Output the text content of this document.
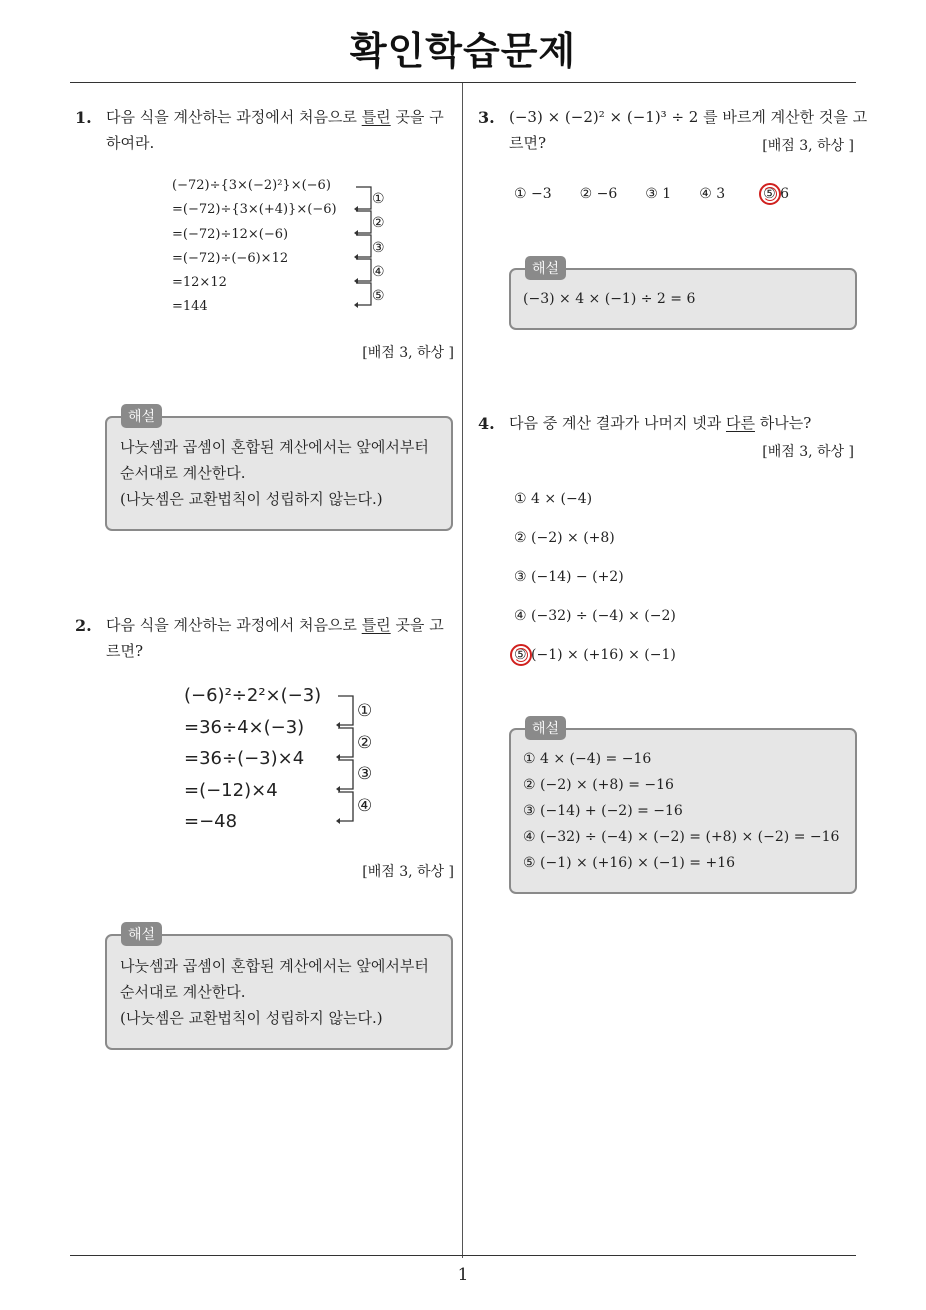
확인학습문제
1. 다음 식을 계산하는 과정에서 처음으로 틀린 곳을 구
하여라.
(−72)÷{3×(−2)²}×(−6)
=(−72)÷{3×(+4)}×(−6)
=(−72)÷12×(−6)
=(−72)÷(−6)×12
=12×12
=144
①
②
③
④
⑤
[배점 3, 하상 ]
해설
나눗셈과 곱셈이 혼합된 계산에서는 앞에서부터
순서대로 계산한다.
(나눗셈은 교환법칙이 성립하지 않는다.)
2. 다음 식을 계산하는 과정에서 처음으로 틀린 곳을 고
르면?
(−6)²÷2²×(−3)
=36÷4×(−3)
=36÷(−3)×4
=(−12)×4
=−48
①
②
③
④
[배점 3, 하상 ]
해설
나눗셈과 곱셈이 혼합된 계산에서는 앞에서부터
순서대로 계산한다.
(나눗셈은 교환법칙이 성립하지 않는다.)
3. (−3) × (−2)² × (−1)³ ÷ 2 를 바르게 계산한 것을 고
르면?	[배점 3, 하상 ]
① −3 ② −6 ③ 1 ④ 3	⑤ 6
해설
(−3) × 4 × (−1) ÷ 2 = 6
4. 다음 중 계산 결과가 나머지 넷과 다른 하나는?
[배점 3, 하상 ]
① 4 × (−4)
② (−2) × (+8)
③ (−14) − (+2)
④ (−32) ÷ (−4) × (−2)
⑤ (−1) × (+16) × (−1)
해설
① 4 × (−4) = −16
② (−2) × (+8) = −16
③ (−14) + (−2) = −16
④ (−32) ÷ (−4) × (−2) = (+8) × (−2) = −16
⑤ (−1) × (+16) × (−1) = +16
1
